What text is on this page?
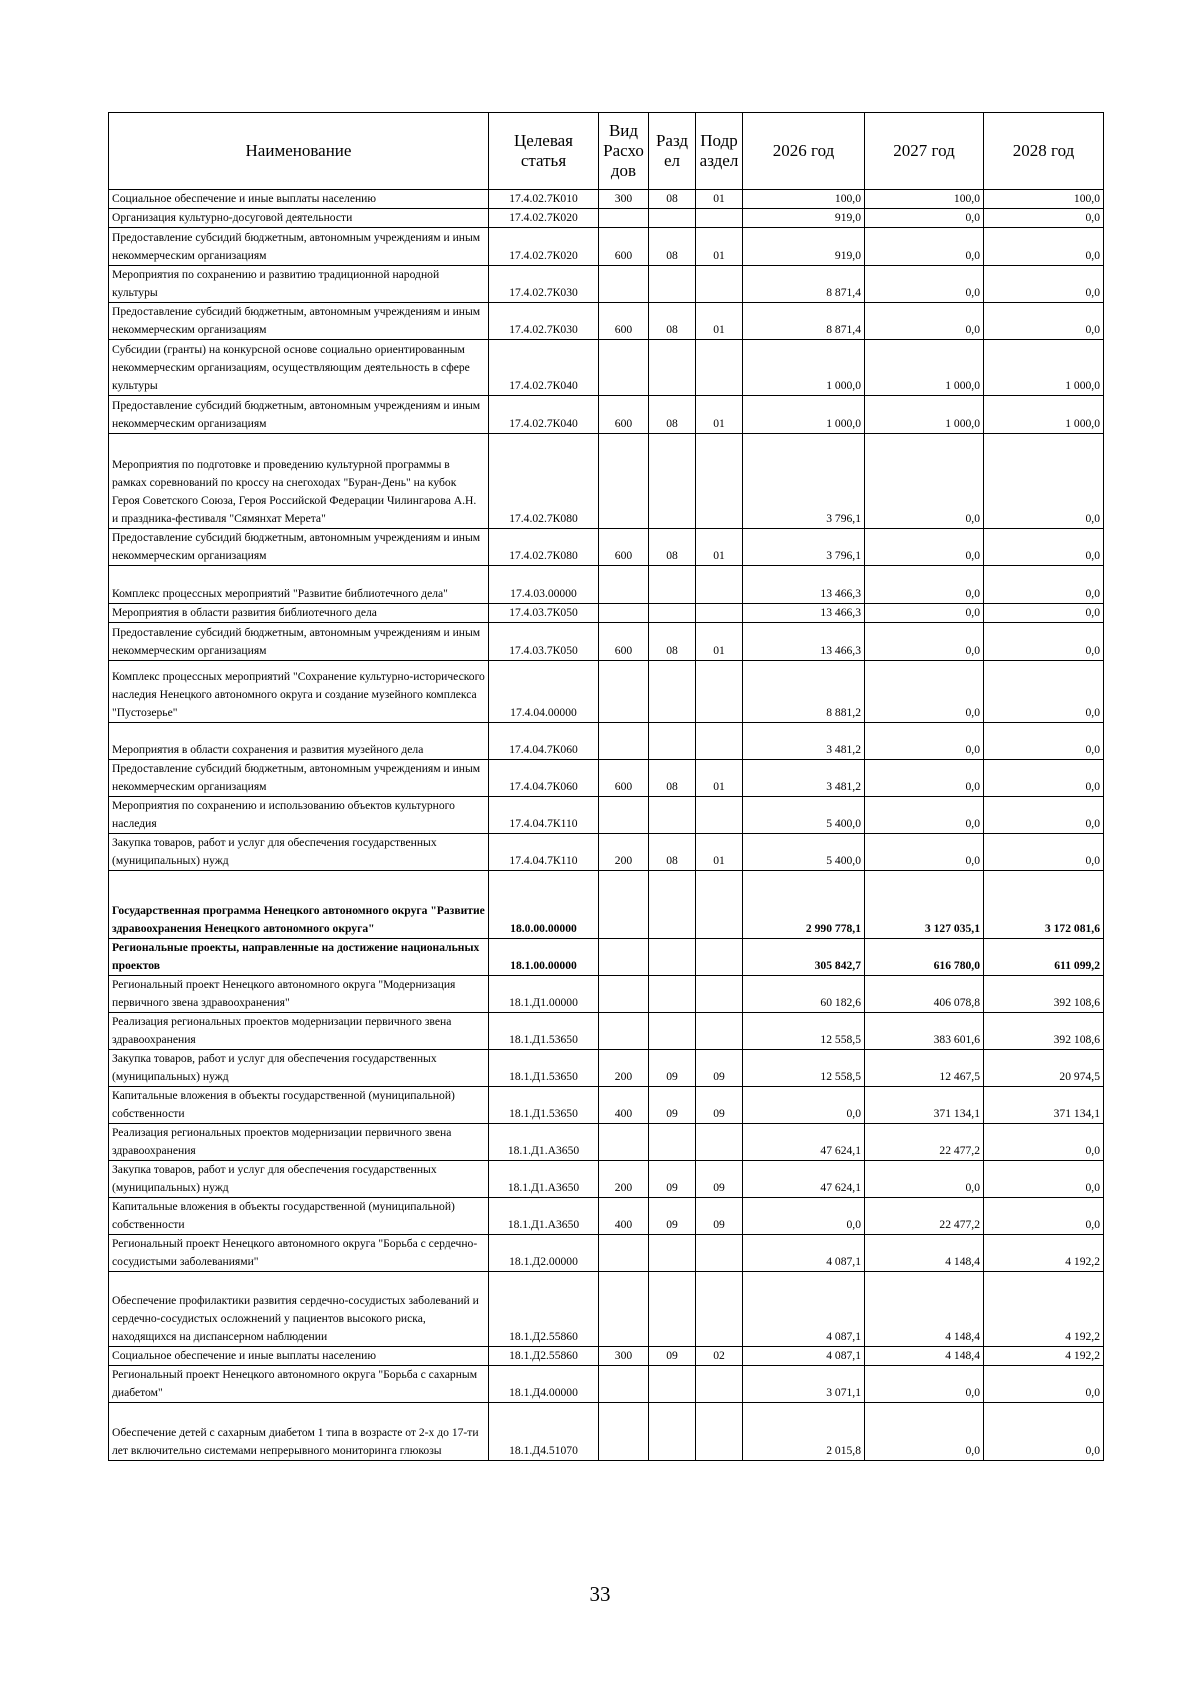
Наименование	Целевая статья	Вид Расхо дов	Разд ел	Подр аздел	2026 год	2027 год	2028 год
Социальное обеспечение и иные выплаты населению	17.4.02.7К010	300	08	01	100,0	100,0	100,0
Организация культурно-досуговой деятельности	17.4.02.7К020				919,0	0,0	0,0
Предоставление субсидий бюджетным, автономным учреждениям и иным некоммерческим организациям	17.4.02.7К020	600	08	01	919,0	0,0	0,0
Мероприятия по сохранению и развитию традиционной народной культуры	17.4.02.7К030				8 871,4	0,0	0,0
Предоставление субсидий бюджетным, автономным учреждениям и иным некоммерческим организациям	17.4.02.7К030	600	08	01	8 871,4	0,0	0,0
Субсидии (гранты) на конкурсной основе социально ориентированным некоммерческим организациям, осуществляющим деятельность в сфере культуры	17.4.02.7К040				1 000,0	1 000,0	1 000,0
Предоставление субсидий бюджетным, автономным учреждениям и иным некоммерческим организациям	17.4.02.7К040	600	08	01	1 000,0	1 000,0	1 000,0
Мероприятия по подготовке и проведению культурной программы в рамках соревнований по кроссу на снегоходах "Буран-День" на кубок Героя Советского Союза, Героя Российской Федерации Чилингарова А.Н. и праздника-фестиваля "Сямянхат Мерета"	17.4.02.7К080				3 796,1	0,0	0,0
Предоставление субсидий бюджетным, автономным учреждениям и иным некоммерческим организациям	17.4.02.7К080	600	08	01	3 796,1	0,0	0,0
Комплекс процессных мероприятий "Развитие библиотечного дела"	17.4.03.00000				13 466,3	0,0	0,0
Мероприятия в области развития библиотечного дела	17.4.03.7К050				13 466,3	0,0	0,0
Предоставление субсидий бюджетным, автономным учреждениям и иным некоммерческим организациям	17.4.03.7К050	600	08	01	13 466,3	0,0	0,0
Комплекс процессных мероприятий "Сохранение культурно-исторического наследия Ненецкого автономного округа и создание музейного комплекса "Пустозерье"	17.4.04.00000				8 881,2	0,0	0,0
Мероприятия в области сохранения и развития музейного дела	17.4.04.7К060				3 481,2	0,0	0,0
Предоставление субсидий бюджетным, автономным учреждениям и иным некоммерческим организациям	17.4.04.7К060	600	08	01	3 481,2	0,0	0,0
Мероприятия по сохранению и использованию объектов культурного наследия	17.4.04.7К110				5 400,0	0,0	0,0
Закупка товаров, работ и услуг для обеспечения государственных (муниципальных) нужд	17.4.04.7К110	200	08	01	5 400,0	0,0	0,0
Государственная программа Ненецкого автономного округа "Развитие здравоохранения Ненецкого автономного округа"	18.0.00.00000				2 990 778,1	3 127 035,1	3 172 081,6
Региональные проекты, направленные на достижение национальных проектов	18.1.00.00000				305 842,7	616 780,0	611 099,2
Региональный проект Ненецкого автономного округа "Модернизация первичного звена здравоохранения"	18.1.Д1.00000				60 182,6	406 078,8	392 108,6
Реализация региональных проектов модернизации первичного звена здравоохранения	18.1.Д1.53650				12 558,5	383 601,6	392 108,6
Закупка товаров, работ и услуг для обеспечения государственных (муниципальных) нужд	18.1.Д1.53650	200	09	09	12 558,5	12 467,5	20 974,5
Капитальные вложения в объекты государственной (муниципальной) собственности	18.1.Д1.53650	400	09	09	0,0	371 134,1	371 134,1
Реализация региональных проектов модернизации первичного звена здравоохранения	18.1.Д1.А3650				47 624,1	22 477,2	0,0
Закупка товаров, работ и услуг для обеспечения государственных (муниципальных) нужд	18.1.Д1.А3650	200	09	09	47 624,1	0,0	0,0
Капитальные вложения в объекты государственной (муниципальной) собственности	18.1.Д1.А3650	400	09	09	0,0	22 477,2	0,0
Региональный проект Ненецкого автономного округа "Борьба с сердечно-сосудистыми заболеваниями"	18.1.Д2.00000				4 087,1	4 148,4	4 192,2
Обеспечение профилактики развития сердечно-сосудистых заболеваний и сердечно-сосудистых осложнений у пациентов высокого риска, находящихся на диспансерном наблюдении	18.1.Д2.55860				4 087,1	4 148,4	4 192,2
Социальное обеспечение и иные выплаты населению	18.1.Д2.55860	300	09	02	4 087,1	4 148,4	4 192,2
Региональный проект Ненецкого автономного округа "Борьба с сахарным диабетом"	18.1.Д4.00000				3 071,1	0,0	0,0
Обеспечение детей с сахарным диабетом 1 типа в возрасте от 2-х до 17-ти лет включительно системами непрерывного мониторинга глюкозы	18.1.Д4.51070				2 015,8	0,0	0,0
33
